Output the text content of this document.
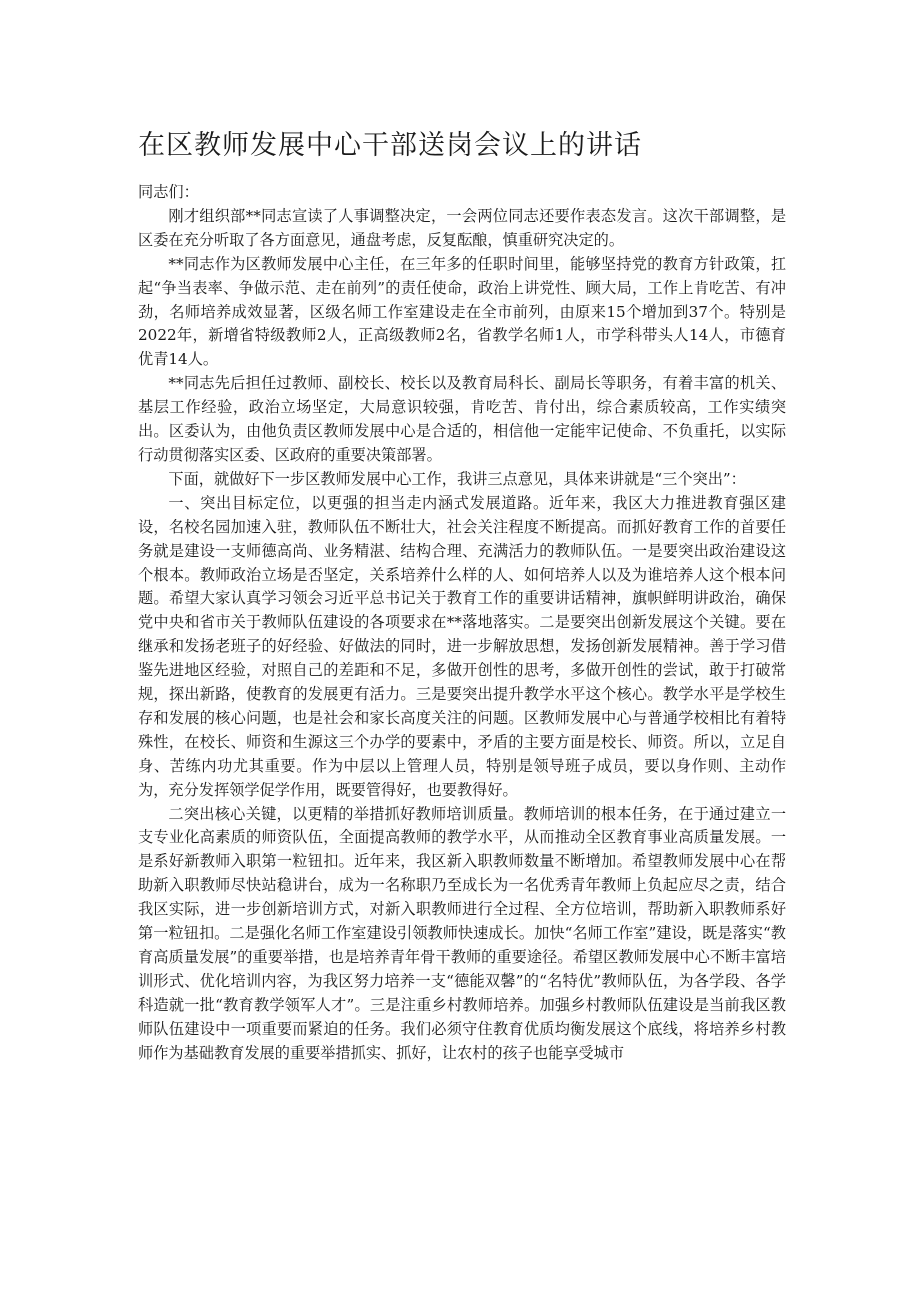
在区教师发展中心干部送岗会议上的讲话

同志们：

刚才组织部**同志宣读了人事调整决定，一会两位同志还要作表态发言。这次干部调整，是区委在充分听取了各方面意见，通盘考虑，反复酝酿，慎重研究决定的。

**同志作为区教师发展中心主任，在三年多的任职时间里，能够坚持党的教育方针政策，扛起“争当表率、争做示范、走在前列”的责任使命，政治上讲党性、顾大局，工作上肯吃苦、有冲劲，名师培养成效显著，区级名师工作室建设走在全市前列，由原来15个增加到37个。特别是2022年，新增省特级教师2人，正高级教师2名，省教学名师1人，市学科带头人14人，市德育优青14人。

**同志先后担任过教师、副校长、校长以及教育局科长、副局长等职务，有着丰富的机关、基层工作经验，政治立场坚定，大局意识较强，肯吃苦、肯付出，综合素质较高，工作实绩突出。区委认为，由他负责区教师发展中心是合适的，相信他一定能牢记使命、不负重托，以实际行动贯彻落实区委、区政府的重要决策部署。

下面，就做好下一步区教师发展中心工作，我讲三点意见，具体来讲就是“三个突出”：

一、突出目标定位，以更强的担当走内涵式发展道路。近年来，我区大力推进教育强区建设，名校名园加速入驻，教师队伍不断壮大，社会关注程度不断提高。而抓好教育工作的首要任务就是建设一支师德高尚、业务精湛、结构合理、充满活力的教师队伍。一是要突出政治建设这个根本。教师政治立场是否坚定，关系培养什么样的人、如何培养人以及为谁培养人这个根本问题。希望大家认真学习领会习近平总书记关于教育工作的重要讲话精神，旗帜鲜明讲政治，确保党中央和省市关于教师队伍建设的各项要求在**落地落实。二是要突出创新发展这个关键。要在继承和发扬老班子的好经验、好做法的同时，进一步解放思想，发扬创新发展精神。善于学习借鉴先进地区经验，对照自己的差距和不足，多做开创性的思考，多做开创性的尝试，敢于打破常规，探出新路，使教育的发展更有活力。三是要突出提升教学水平这个核心。教学水平是学校生存和发展的核心问题，也是社会和家长高度关注的问题。区教师发展中心与普通学校相比有着特殊性，在校长、师资和生源这三个办学的要素中，矛盾的主要方面是校长、师资。所以，立足自身、苦练内功尤其重要。作为中层以上管理人员，特别是领导班子成员，要以身作则、主动作为，充分发挥领学促学作用，既要管得好，也要教得好。

二突出核心关键，以更精的举措抓好教师培训质量。教师培训的根本任务，在于通过建立一支专业化高素质的师资队伍，全面提高教师的教学水平，从而推动全区教育事业高质量发展。一是系好新教师入职第一粒钮扣。近年来，我区新入职教师数量不断增加。希望教师发展中心在帮助新入职教师尽快站稳讲台，成为一名称职乃至成长为一名优秀青年教师上负起应尽之责，结合我区实际，进一步创新培训方式，对新入职教师进行全过程、全方位培训，帮助新入职教师系好第一粒钮扣。二是强化名师工作室建设引领教师快速成长。加快“名师工作室”建设，既是落实“教育高质量发展”的重要举措，也是培养青年骨干教师的重要途径。希望区教师发展中心不断丰富培训形式、优化培训内容，为我区努力培养一支“德能双馨”的“名特优”教师队伍，为各学段、各学科造就一批“教育教学领军人才”。三是注重乡村教师培养。加强乡村教师队伍建设是当前我区教师队伍建设中一项重要而紧迫的任务。我们必须守住教育优质均衡发展这个底线，将培养乡村教师作为基础教育发展的重要举措抓实、抓好，让农村的孩子也能享受城市
